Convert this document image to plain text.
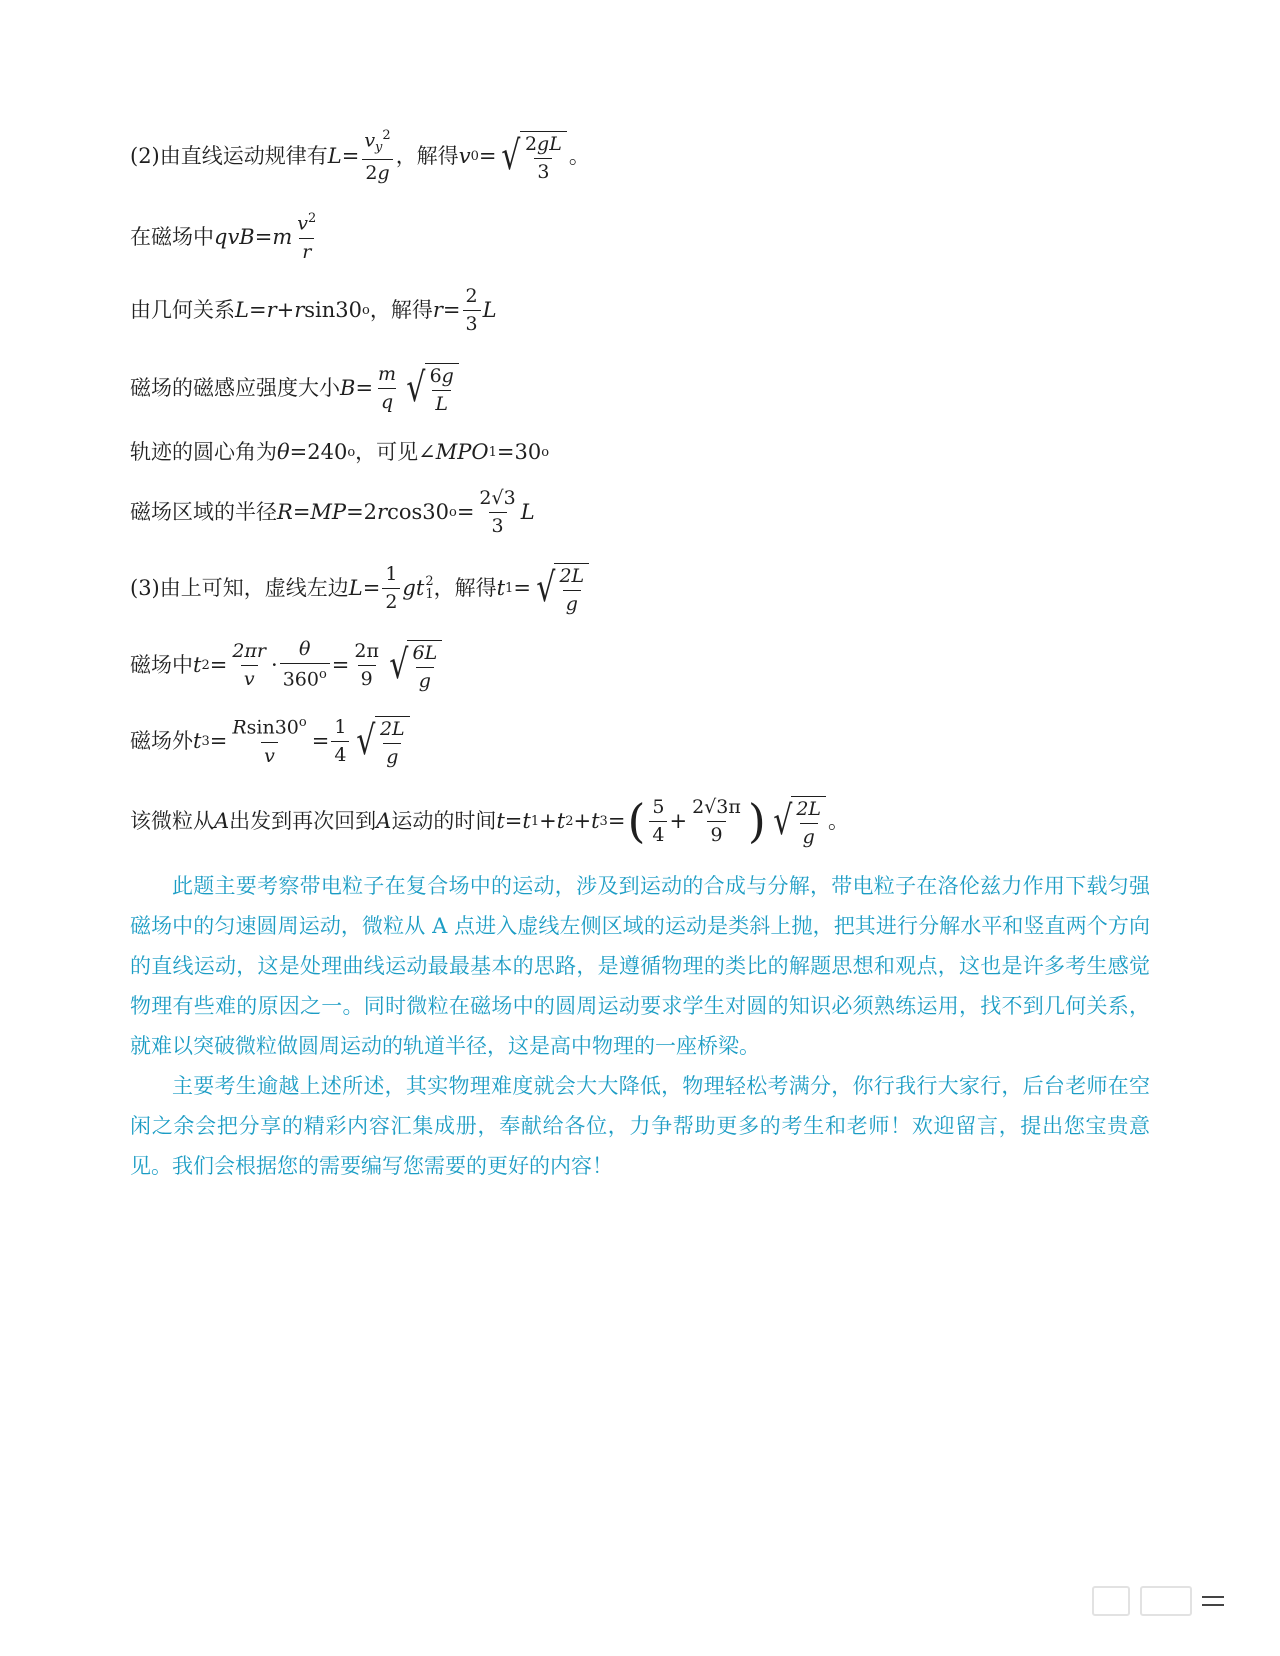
(2)由直线运动规律有 $L = \frac{v_y^2}{2g}$ ，解得 v 0 = √ $\frac{2gL}{3}$ 。
在磁场中 qvB = m $\frac{v^2}{r}$
由几何关系 L = r + r sin30 o ，解得 $r = \frac{2}{3}$ L
磁场的磁感应强度大小 $B = \frac{m}{q}$ √ $\frac{6g}{L}$
轨迹的圆心角为 θ =240 o ，可见∠ MPO 1 =30 o
磁场区域的半径 R = MP =2 r cos30 $o = \frac{2√3}{3}$ L
(3)由上可知，虚线左边 $L = \frac{1}{2}$ g t 2
1 ，解得 t 1 = √ $\frac{2L}{g}$
磁场中 t $2 = \frac{2\pi r}{v} \cdot \frac{\theta}{360^o} = \frac{2\pi}{9}$ √ $\frac{6L}{g}$
磁场外 t $3 = \frac{Rsin30^o}{v} = \frac{1}{4}$ √ $\frac{2L}{g}$
该微粒从 A 出发到再次回到 A 运动的时间 t = t 1 + t 2 + t 3 = ( $\frac{5}{4} + \frac{2√3\pi}{9}$ ) √ $\frac{2L}{g}$ 。
此题主要考察带电粒子在复合场中的运动，涉及到运动的合成与分解，带电粒子在洛伦兹力作用下载匀强磁场中的匀速圆周运动，微粒从 A 点进入虚线左侧区域的运动是类斜上抛，把其进行分解水平和竖直两个方向的直线运动，这是处理曲线运动最最基本的思路，是遵循物理的类比的解题思想和观点，这也是许多考生感觉物理有些难的原因之一。同时微粒在磁场中的圆周运动要求学生对圆的知识必须熟练运用，找不到几何关系，就难以突破微粒做圆周运动的轨道半径，这是高中物理的一座桥梁。
主要考生逾越上述所述，其实物理难度就会大大降低，物理轻松考满分，你行我行大家行，后台老师在空闲之余会把分享的精彩内容汇集成册，奉献给各位，力争帮助更多的考生和老师！欢迎留言，提出您宝贵意见。我们会根据您的需要编写您需要的更好的内容！
